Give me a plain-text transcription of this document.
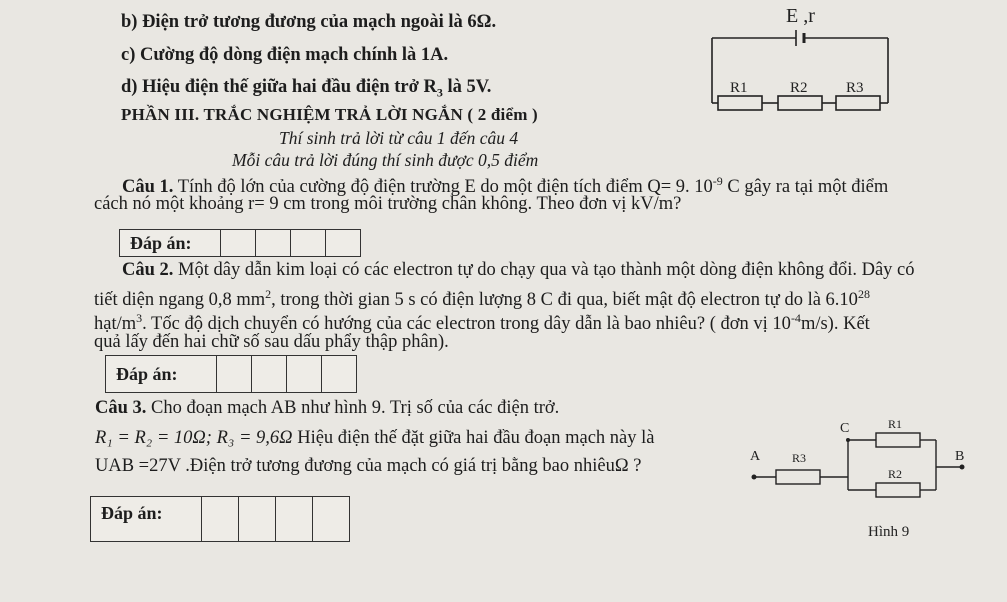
b) Điện trở tương đương của mạch ngoài là 6Ω.
c) Cường độ dòng điện mạch chính là 1A.
d) Hiệu điện thế giữa hai đầu điện trở $R_3$ là 5V.
PHẦN III. TRẮC NGHIỆM TRẢ LỜI NGẮN ( 2 điểm )
Thí sinh trả lời từ câu 1 đến câu 4
Mỗi câu trả lời đúng thí sinh được 0,5 điểm
Câu 1. Tính độ lớn của cường độ điện trường E do một điện tích điểm Q= 9. $10^{-9}$ C gây ra tại một điểm
cách nó một khoảng r= 9 cm trong môi trường chân không. Theo đơn vị kV/m?
Đáp án:
Câu 2. Một dây dẫn kim loại có các electron tự do chạy qua và tạo thành một dòng điện không đổi. Dây có
tiết diện ngang 0,8 $mm^2$, trong thời gian 5 s có điện lượng 8 C đi qua, biết mật độ electron tự do là 6.10$^{28}$
hạt/$m^3$. Tốc độ dịch chuyển có hướng của các electron trong dây dẫn là bao nhiêu? ( đơn vị $10^{-4}m/s$). Kết
quả lấy đến hai chữ số sau dấu phẩy thập phân).
Đáp án:
Câu 3. Cho đoạn mạch AB như hình 9. Trị số của các điện trở.
R₁ = R₂ = 10Ω; R₃ = 9,6Ω Hiệu điện thế đặt giữa hai đầu đoạn mạch này là
UAB =27V .Điện trở tương đương của mạch có giá trị bằng bao nhiêuΩ ?
Đáp án:
E ,r
R1	R2	R3
A	B
C
R3
R1
R2
Hình 9
